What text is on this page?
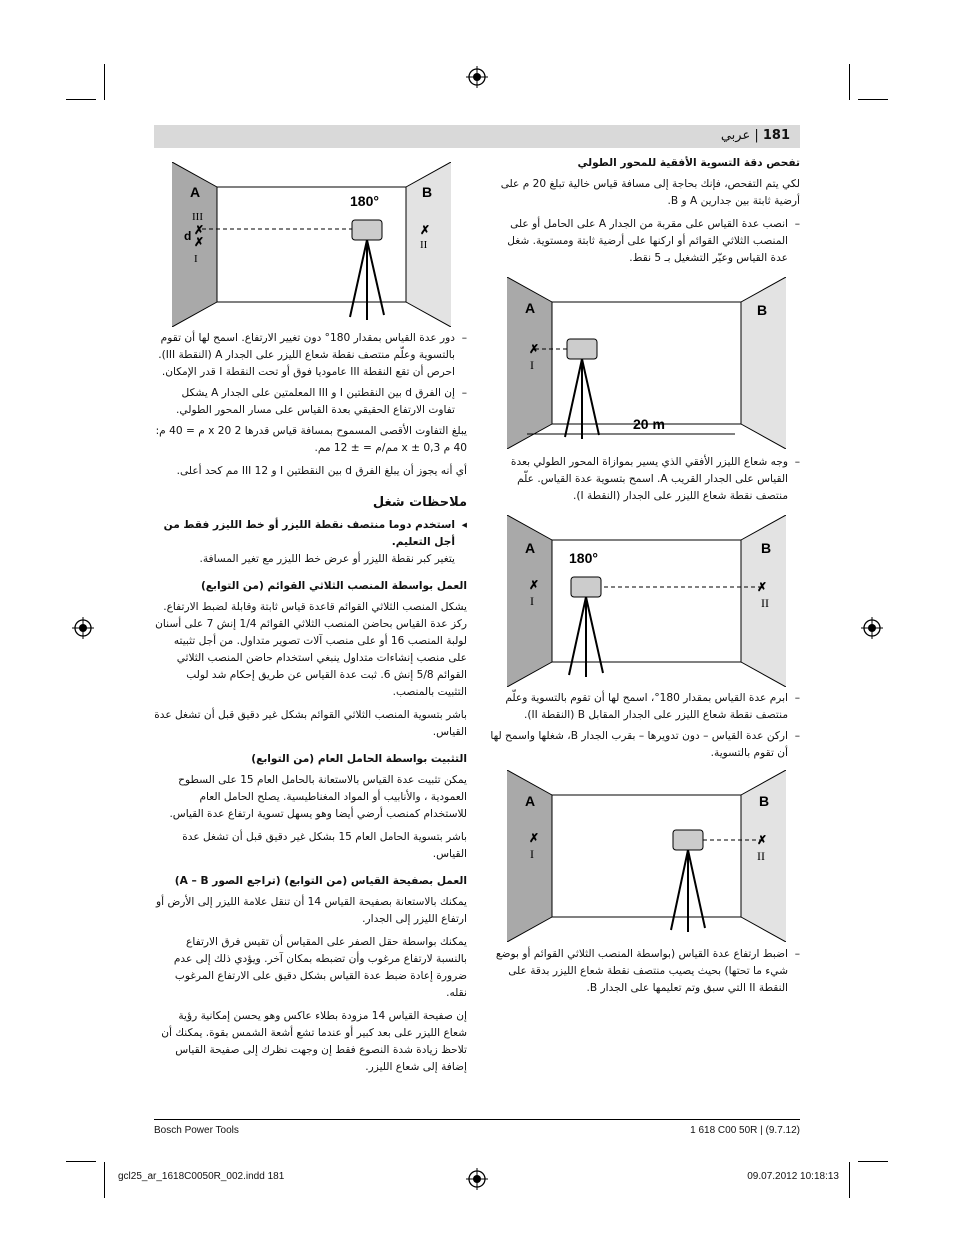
181 | عربي
تفحص دقة التسوية الأفقية للمحور الطولي
لكي يتم التفحص، فإنك بحاجة إلى مسافة قياس خالية تبلغ 20 م على أرضية ثابتة بين جدارين A و B.
– انصب عدة القياس على مقربة من الجدار A على الحامل أو على المنصب الثلاثي القوائم أو اركنها على أرضية ثابتة ومستوية. شغل عدة القياس وعيّر التشغيل بـ 5 نقط.
– وجه شعاع الليزر الأفقي الذي يسير بموازاة المحور الطولي بعدة القياس على الجدار القريب A. اسمح بتسوية عدة القياس. علّم منتصف نقطة شعاع الليزر على الجدار (النقطة I).
– ابرم عدة القياس بمقدار 180°، اسمح لها أن تقوم بالتسوية وعلّم منتصف نقطة شعاع الليزر على الجدار المقابل B (النقطة II).
– اركن عدة القياس – دون تدويرها – بقرب الجدار B، شغلها واسمح لها أن تقوم بالتسوية.
– اضبط ارتفاع عدة القياس (بواسطة المنصب الثلاثي القوائم أو بوضع شيء ما تحتها) بحيث يصيب منتصف نقطة شعاع الليزر بدقة على النقطة II التي سبق وتم تعليمها على الجدار B.
– دور عدة القياس بمقدار 180° دون تغيير الارتفاع. اسمح لها أن تقوم بالتسوية وعلّم منتصف نقطة شعاع الليزر على الجدار A (النقطة III). احرص أن تقع النقطة III عاموديا فوق أو تحت النقطة I قدر الإمكان.
– إن الفرق d بين النقطتين I و III المعلمتين على الجدار A يشكل تفاوت الارتفاع الحقيقي بعدة القياس على مسار المحور الطولي.
يبلغ التفاوت الأقصى المسموح بمسافة قياس قدرها 2 x 20 م = 40 م: 40 م x ± 0,3 مم/م = ± 12 مم.
أي أنه يجوز أن يبلغ الفرق d بين النقطتين I و III 12 مم كحد أعلى.
ملاحظات شغل
◂ استخدم دوما منتصف نقطة الليزر أو خط الليزر فقط من أجل التعليم.
يتغير كبر نقطة الليزر أو عرض خط الليزر مع تغير المسافة.
العمل بواسطة المنصب الثلاثي القوائم (من التوابع)
يشكل المنصب الثلاثي القوائم قاعدة قياس ثابتة وقابلة لضبط الارتفاع. ركز عدة القياس بحاضن المنصب الثلاثي القوائم 1/4 إنش 7 على أسنان لولبة المنصب 16 أو على منصب آلات تصوير متداول. من أجل تثبيته على منصب إنشاءات متداول ينبغي استخدام حاضن المنصب الثلاثي القوائم 5/8 إنش 6. ثبت عدة القياس عن طريق إحكام شد لولب التثبيت بالمنصب.
باشر بتسوية المنصب الثلاثي القوائم بشكل غير دقيق قبل أن تشغل عدة القياس.
التثبيت بواسطة الحامل العام (من التوابع)
يمكن تثبيت عدة القياس بالاستعانة بالحامل العام 15 على السطوح العمودية ، والأنابيب أو المواد المغناطيسية. يصلح الحامل العام للاستخدام كمنصب أرضي أيضا وهو يسهل تسوية ارتفاع عدة القياس.
باشر بتسوية الحامل العام 15 بشكل غير دقيق قبل أن تشغل عدة القياس.
العمل بصفيحة القياس (من التوابع) (تراجع الصور A – B)
يمكنك بالاستعانة بصفيحة القياس 14 أن تنقل علامة الليزر إلى الأرض أو ارتفاع الليزر إلى الجدار.
يمكنك بواسطة حقل الصفر على المقياس أن تقيس فرق الارتفاع بالنسبة لارتفاع مرغوب وأن تضبطه بمكان آخر. ويؤدي ذلك إلى عدم ضرورة إعادة ضبط عدة القياس بشكل دقيق على الارتفاع المرغوب نقله.
إن صفيحة القياس 14 مزودة بطلاء عاكس وهو يحسن إمكانية رؤية شعاع الليزر على بعد كبير أو عندما تشع أشعة الشمس بقوة. يمكنك أن تلاحظ زيادة شدة النصوع فقط إن وجهت نظرك إلى صفيحة القياس إضافة إلى شعاع الليزر.
A	B
I
✗
20 m
A	B
180°
✗
I
✗
II
A	B
✗
I
✗
II
A	B
180°
III
d
I
✗
✗
✗
II
Bosch Power Tools	1 618 C00 50R | (9.7.12)
gcl25_ar_1618C0050R_002.indd 181	09.07.2012 10:18:13
